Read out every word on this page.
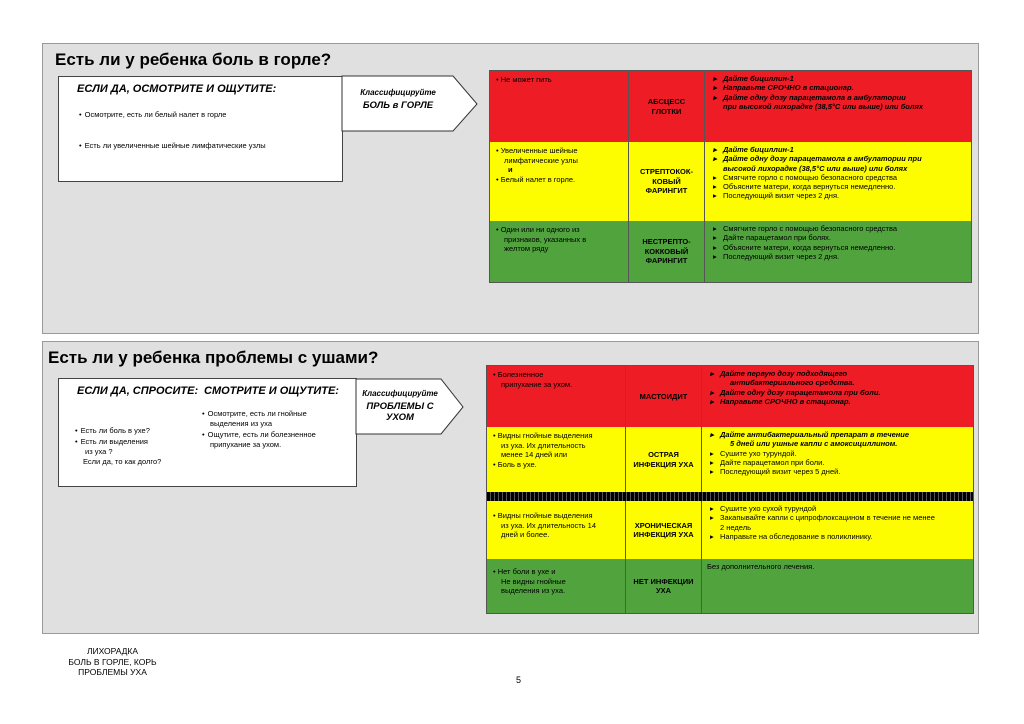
Есть ли у ребенка боль в горле?
ЕСЛИ ДА, ОСМОТРИТЕ И ОЩУТИТЕ:
• Осмотрите, есть ли белый налет в горле
• Есть ли увеличенные шейные лимфатические узлы
Классифицируйте
БОЛЬ в ГОРЛЕ
• Не может пить
АБСЦЕСС ГЛОТКИ
▸ Дайте бициллин-1
▸ Направьте СРОЧНО в стационар.
▸ Дайте одну дозу парацетамола в амбулатории
при высокой лихорадке (38,5°С или выше) или болях
• Увеличенные шейные
лимфатические узлы
и
• Белый налет в горле.
СТРЕПТОКОК-КОВЫЙ ФАРИНГИТ
▸ Дайте бициллин-1
▸ Дайте одну дозу парацетамола в амбулатории при
высокой лихорадке (38,5°С или выше) или болях
▸ Смягчите горло с помощью безопасного средства
▸ Объясните матери, когда вернуться немедленно.
▸ Последующий визит через 2 дня.
• Один или ни одного из
признаков, указанных в
желтом ряду
НЕСТРЕПТО-КОККОВЫЙ ФАРИНГИТ
▸ Смягчите горло с помощью безопасного средства
▸ Дайте парацетамол при болях.
▸ Объясните матери, когда вернуться немедленно.
▸ Последующий визит через 2 дня.
Есть ли у ребенка проблемы с ушами?
ЕСЛИ ДА, СПРОСИТЕ:
• Есть ли боль в ухе?
• Есть ли выделения
из уха ?
Если да, то как долго?
СМОТРИТЕ И ОЩУТИТЕ:
• Осмотрите, есть ли гнойные
выделения из уха
• Ощутите, есть ли болезненное
припухание за ухом.
Классифицируйте
ПРОБЛЕМЫ С УХОМ
• Болезненное
припухание за ухом.
МАСТОИДИТ
▸ Дайте первую дозу подходящего
антибактериального средства.
▸ Дайте одну дозу парацетамола при боли.
▸ Направьте СРОЧНО в стационар.
• Видны гнойные выделения
из уха. Их длительность
менее 14 дней или
• Боль в ухе.
ОСТРАЯ ИНФЕКЦИЯ УХА
▸ Дайте антибактериальный препарат в течение
5 дней или ушные капли с амоксициллином.
▸ Сушите ухо турундой.
▸ Дайте парацетамол при боли.
▸ Последующий визит через 5 дней.
• Видны гнойные выделения
из уха. Их длительность 14
дней и более.
ХРОНИЧЕСКАЯ ИНФЕКЦИЯ УХА
▸ Сушите ухо сухой турундой
▸ Закапывайте капли с ципрофлоксацином в течение не менее
2 недель
▸ Направьте на обследование в поликлинику.
• Нет боли в ухе и
Не видны гнойные
выделения из уха.
НЕТ ИНФЕКЦИИ УХА
Без дополнительного лечения.
ЛИХОРАДКА
БОЛЬ В ГОРЛЕ, КОРЬ
ПРОБЛЕМЫ УХА
5
